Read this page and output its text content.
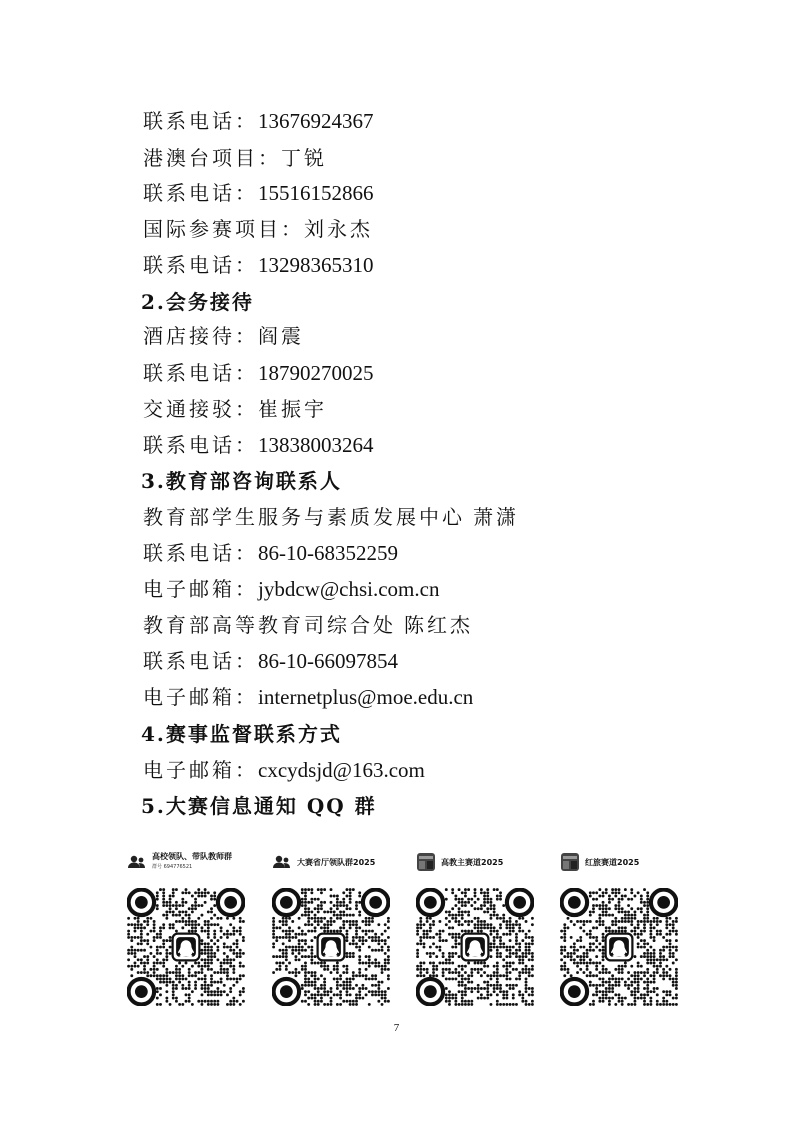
联系电话：13676924367
港澳台项目：丁锐
联系电话：15516152866
国际参赛项目：刘永杰
联系电话：13298365310
2.会务接待
酒店接待：阎震
联系电话：18790270025
交通接驳：崔振宇
联系电话：13838003264
3.教育部咨询联系人
教育部学生服务与素质发展中心 萧潇
联系电话：86-10-68352259
电子邮箱：jybdcw@chsi.com.cn
教育部高等教育司综合处 陈红杰
联系电话：86-10-66097854
电子邮箱：internetplus@moe.edu.cn
4.赛事监督联系方式
电子邮箱：cxcydsjd@163.com
5.大赛信息通知 QQ 群
高校领队、带队教师群
群号 694776521	大赛省厅领队群2025	高教主赛道2025	红旅赛道2025
7
